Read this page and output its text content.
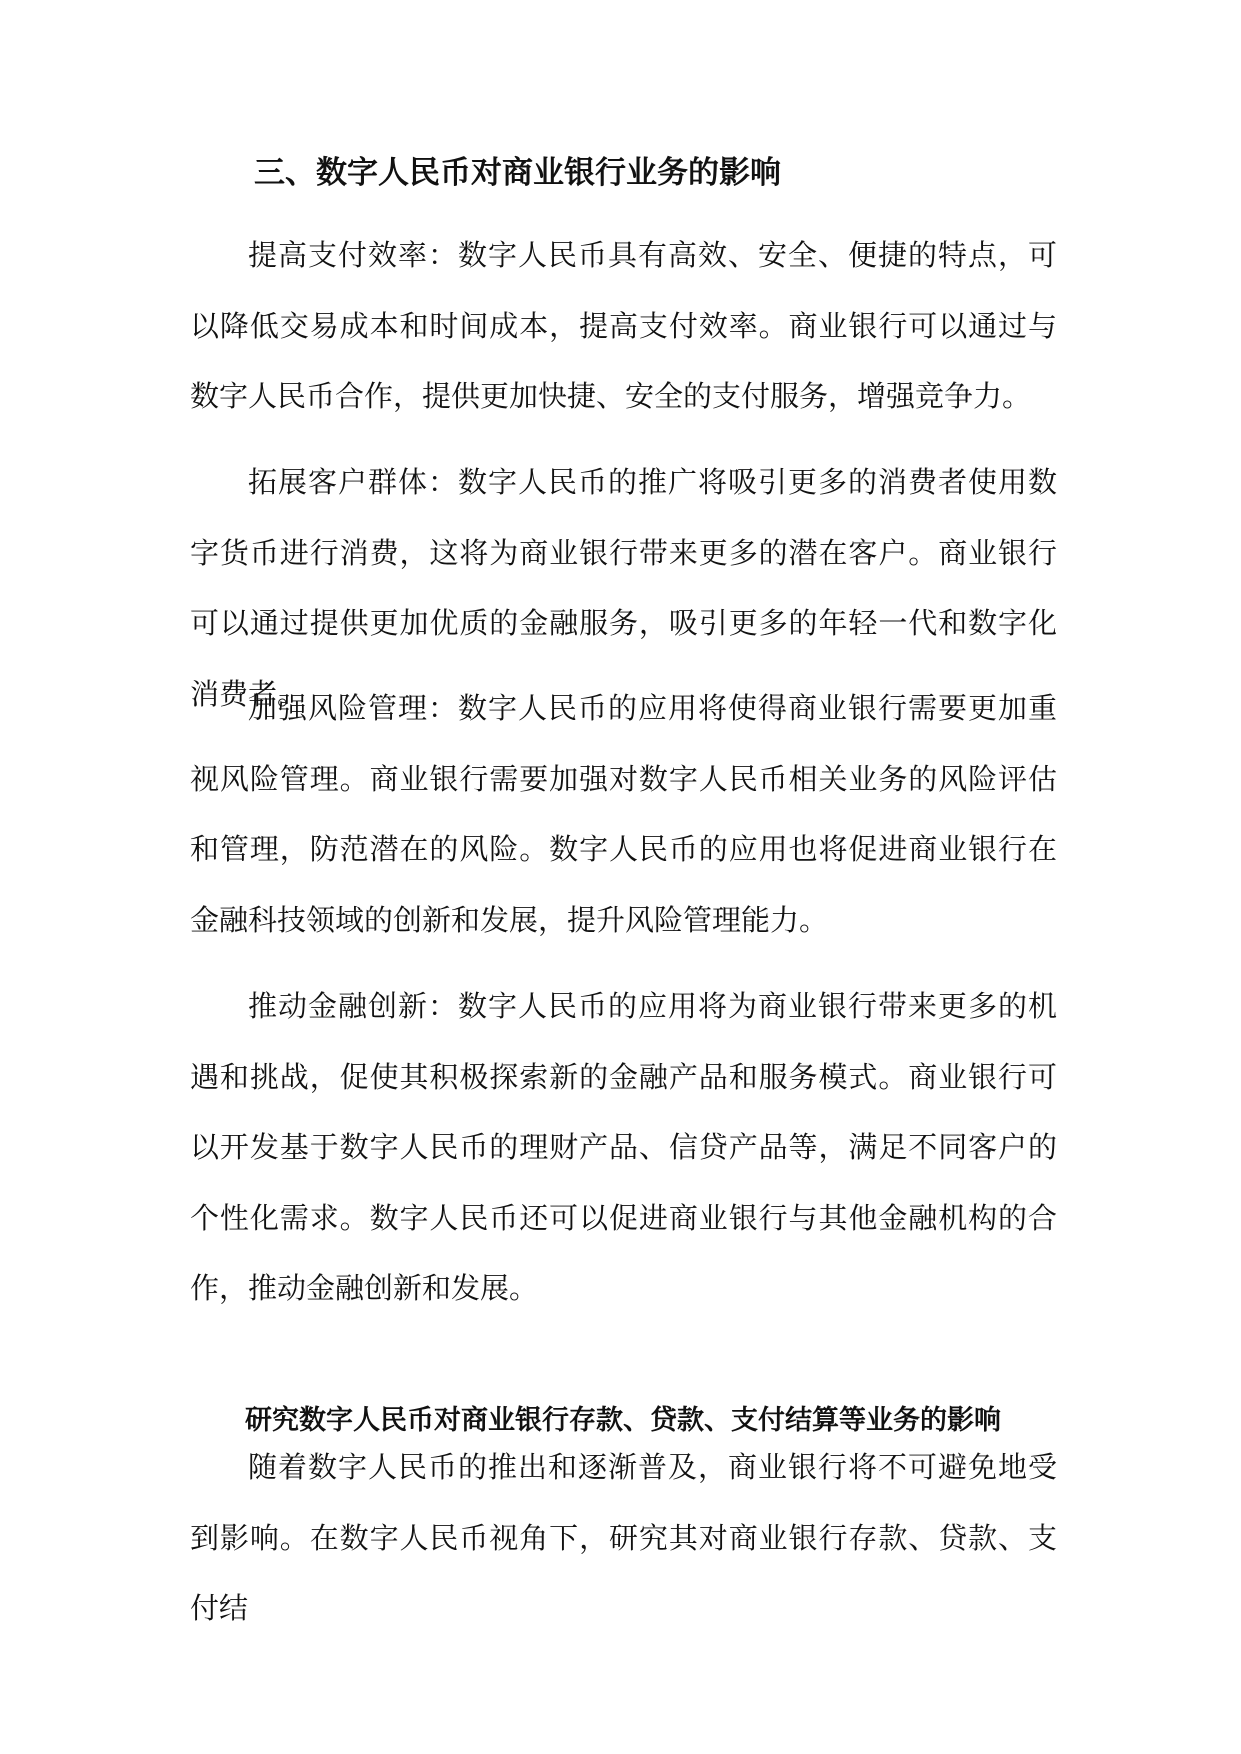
三、数字人民币对商业银行业务的影响

提高支付效率：数字人民币具有高效、安全、便捷的特点，可以降低交易成本和时间成本，提高支付效率。商业银行可以通过与数字人民币合作，提供更加快捷、安全的支付服务，增强竞争力。

拓展客户群体：数字人民币的推广将吸引更多的消费者使用数字货币进行消费，这将为商业银行带来更多的潜在客户。商业银行可以通过提供更加优质的金融服务，吸引更多的年轻一代和数字化消费者。

加强风险管理：数字人民币的应用将使得商业银行需要更加重视风险管理。商业银行需要加强对数字人民币相关业务的风险评估和管理，防范潜在的风险。数字人民币的应用也将促进商业银行在金融科技领域的创新和发展，提升风险管理能力。

推动金融创新：数字人民币的应用将为商业银行带来更多的机遇和挑战，促使其积极探索新的金融产品和服务模式。商业银行可以开发基于数字人民币的理财产品、信贷产品等，满足不同客户的个性化需求。数字人民币还可以促进商业银行与其他金融机构的合作，推动金融创新和发展。

研究数字人民币对商业银行存款、贷款、支付结算等业务的影响

随着数字人民币的推出和逐渐普及，商业银行将不可避免地受到影响。在数字人民币视角下，研究其对商业银行存款、贷款、支付结
